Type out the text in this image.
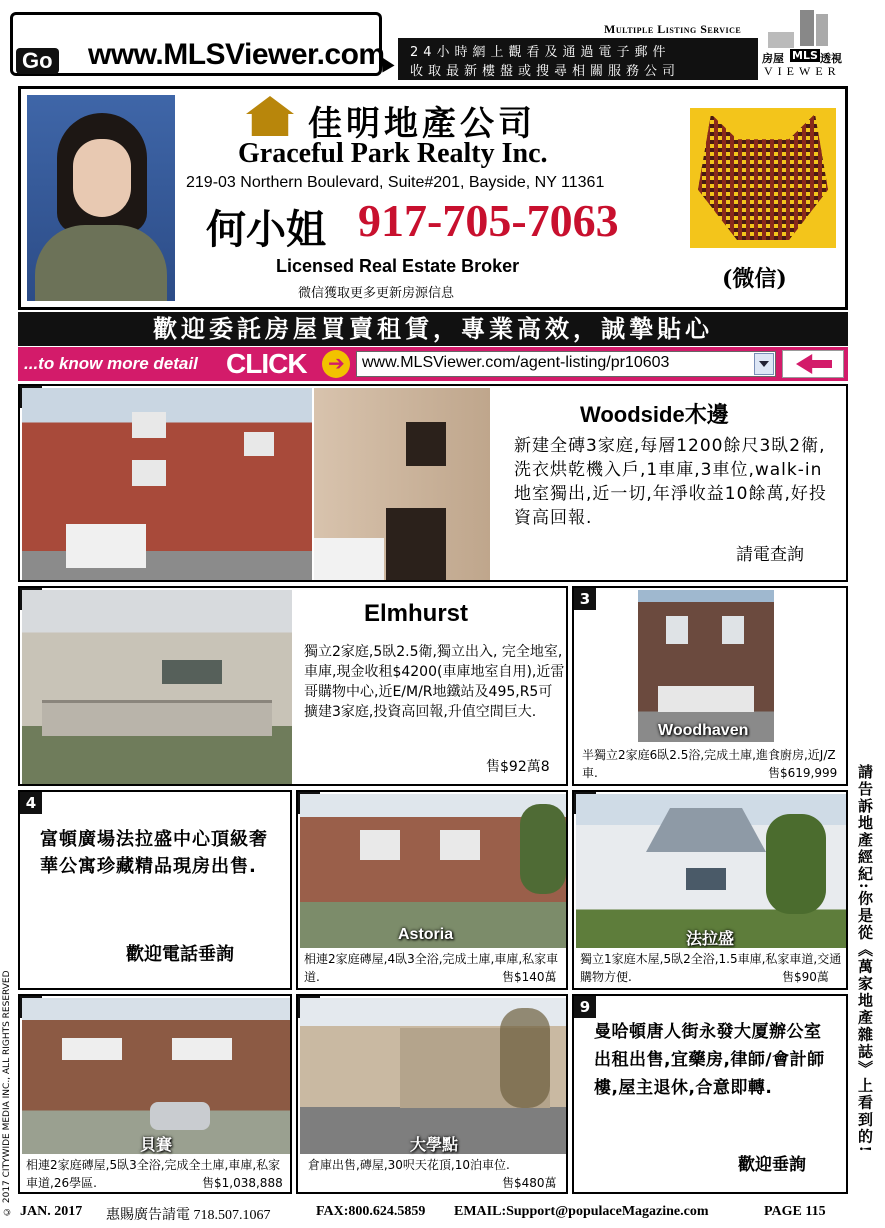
Go www.MLSViewer.com
Multiple Listing Service
24小時網上觀看及通過電子郵件
收取最新樓盤或搜尋相關服務公司
房屋 MLS 透視
VIEWER
佳明地產公司
Graceful Park Realty Inc.
219-03 Northern Boulevard, Suite#201, Bayside, NY 11361
何小姐 917-705-7063
Licensed Real Estate Broker
微信獲取更多更新房源信息
(微信)
歡迎委託房屋買賣租賃，專業高效，誠摯貼心
...to know more detail CLICK ➔ www.MLSViewer.com/agent-listing/pr10603
Woodside木邊
新建全磚3家庭,每層1200餘尺3臥2衛,洗衣烘乾機入戶,1車庫,3車位,walk-in地室獨出,近一切,年淨收益10餘萬,好投資高回報.
請電查詢
Elmhurst
獨立2家庭,5臥2.5衛,獨立出入, 完全地室,車庫,現金收租$4200(車庫地室自用),近雷哥購物中心,近E/M/R地鐵站及495,R5可擴建3家庭,投資高回報,升值空間巨大.
售$92萬8
3
Woodhaven
半獨立2家庭6臥2.5浴,完成土庫,進食廚房,近J/Z車.	售$619,999
4
富頓廣場法拉盛中心頂級奢華公寓珍藏精品現房出售.
歡迎電話垂詢
Astoria
相連2家庭磚屋,4臥3全浴,完成土庫,車庫,私家車道.	售$140萬
法拉盛
獨立1家庭木屋,5臥2全浴,1.5車庫,私家車道,交通購物方便.	售$90萬
貝賽
相連2家庭磚屋,5臥3全浴,完成全土庫,車庫,私家車道,26學區.	售$1,038,888
大學點
倉庫出售,磚屋,30呎天花頂,10泊車位.
售$480萬
9
曼哈頓唐人街永發大厦辦公室出租出售,宜藥房,律師/會計師樓,屋主退休,合意即轉.
歡迎垂詢
© 2017 CITYWIDE MEDIA INC., ALL RIGHTS RESERVED	請告訴地產經紀:你是從《萬家地產雜誌》上看到的!
JAN. 2017 惠賜廣告請電 718.507.1067	FAX:800.624.5859 EMAIL:Support@populaceMagazine.com	PAGE 115
